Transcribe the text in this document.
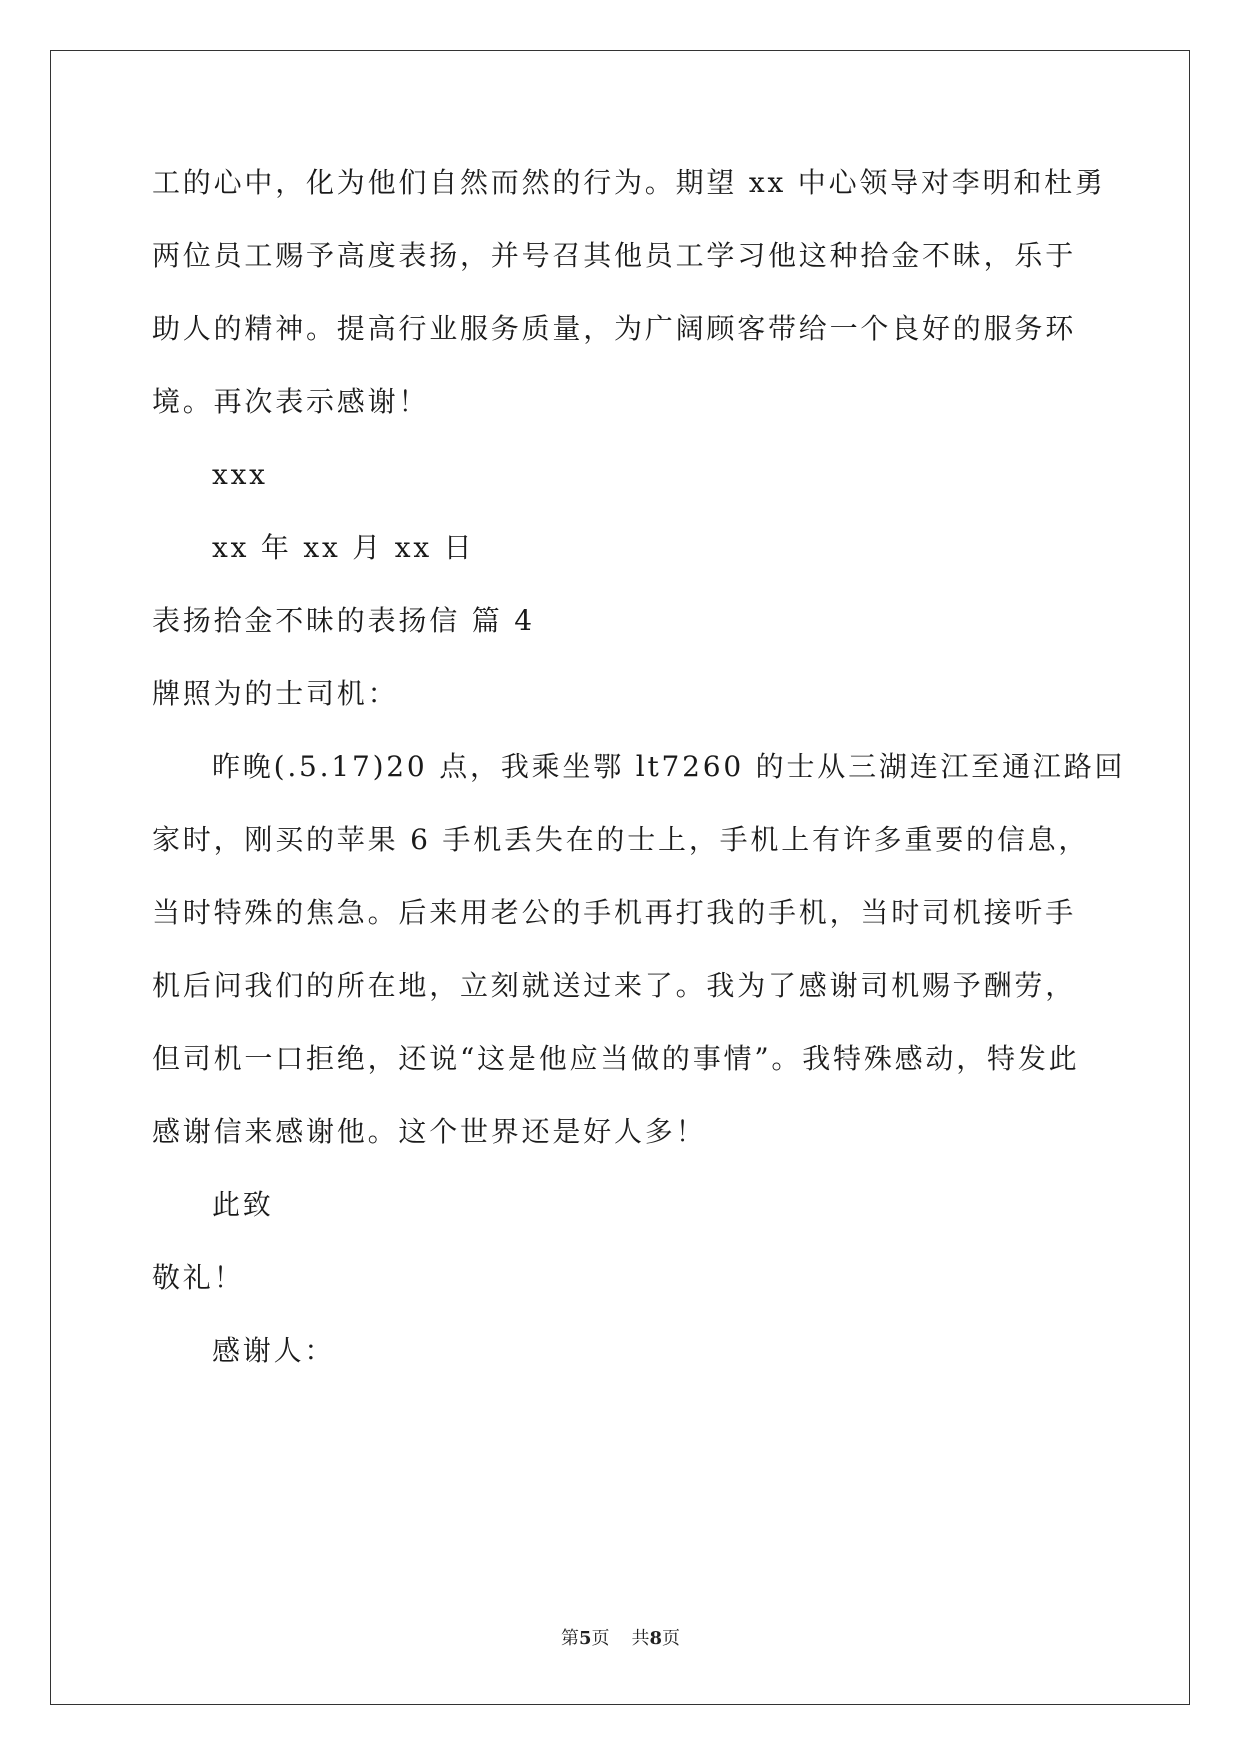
工的心中，化为他们自然而然的行为。期望 xx 中心领导对李明和杜勇
两位员工赐予高度表扬，并号召其他员工学习他这种拾金不昧，乐于
助人的精神。提高行业服务质量，为广阔顾客带给一个良好的服务环
境。再次表示感谢！
xxx
xx 年 xx 月 xx 日
表扬拾金不昧的表扬信 篇 4
牌照为的士司机：
昨晚(.5.17)20 点，我乘坐鄂 lt7260 的士从三湖连江至通江路回
家时，刚买的苹果 6 手机丢失在的士上，手机上有许多重要的信息，
当时特殊的焦急。后来用老公的手机再打我的手机，当时司机接听手
机后问我们的所在地，立刻就送过来了。我为了感谢司机赐予酬劳，
但司机一口拒绝，还说“这是他应当做的事情”。我特殊感动，特发此
感谢信来感谢他。这个世界还是好人多！
此致
敬礼！
感谢人：
第5页 共8页
